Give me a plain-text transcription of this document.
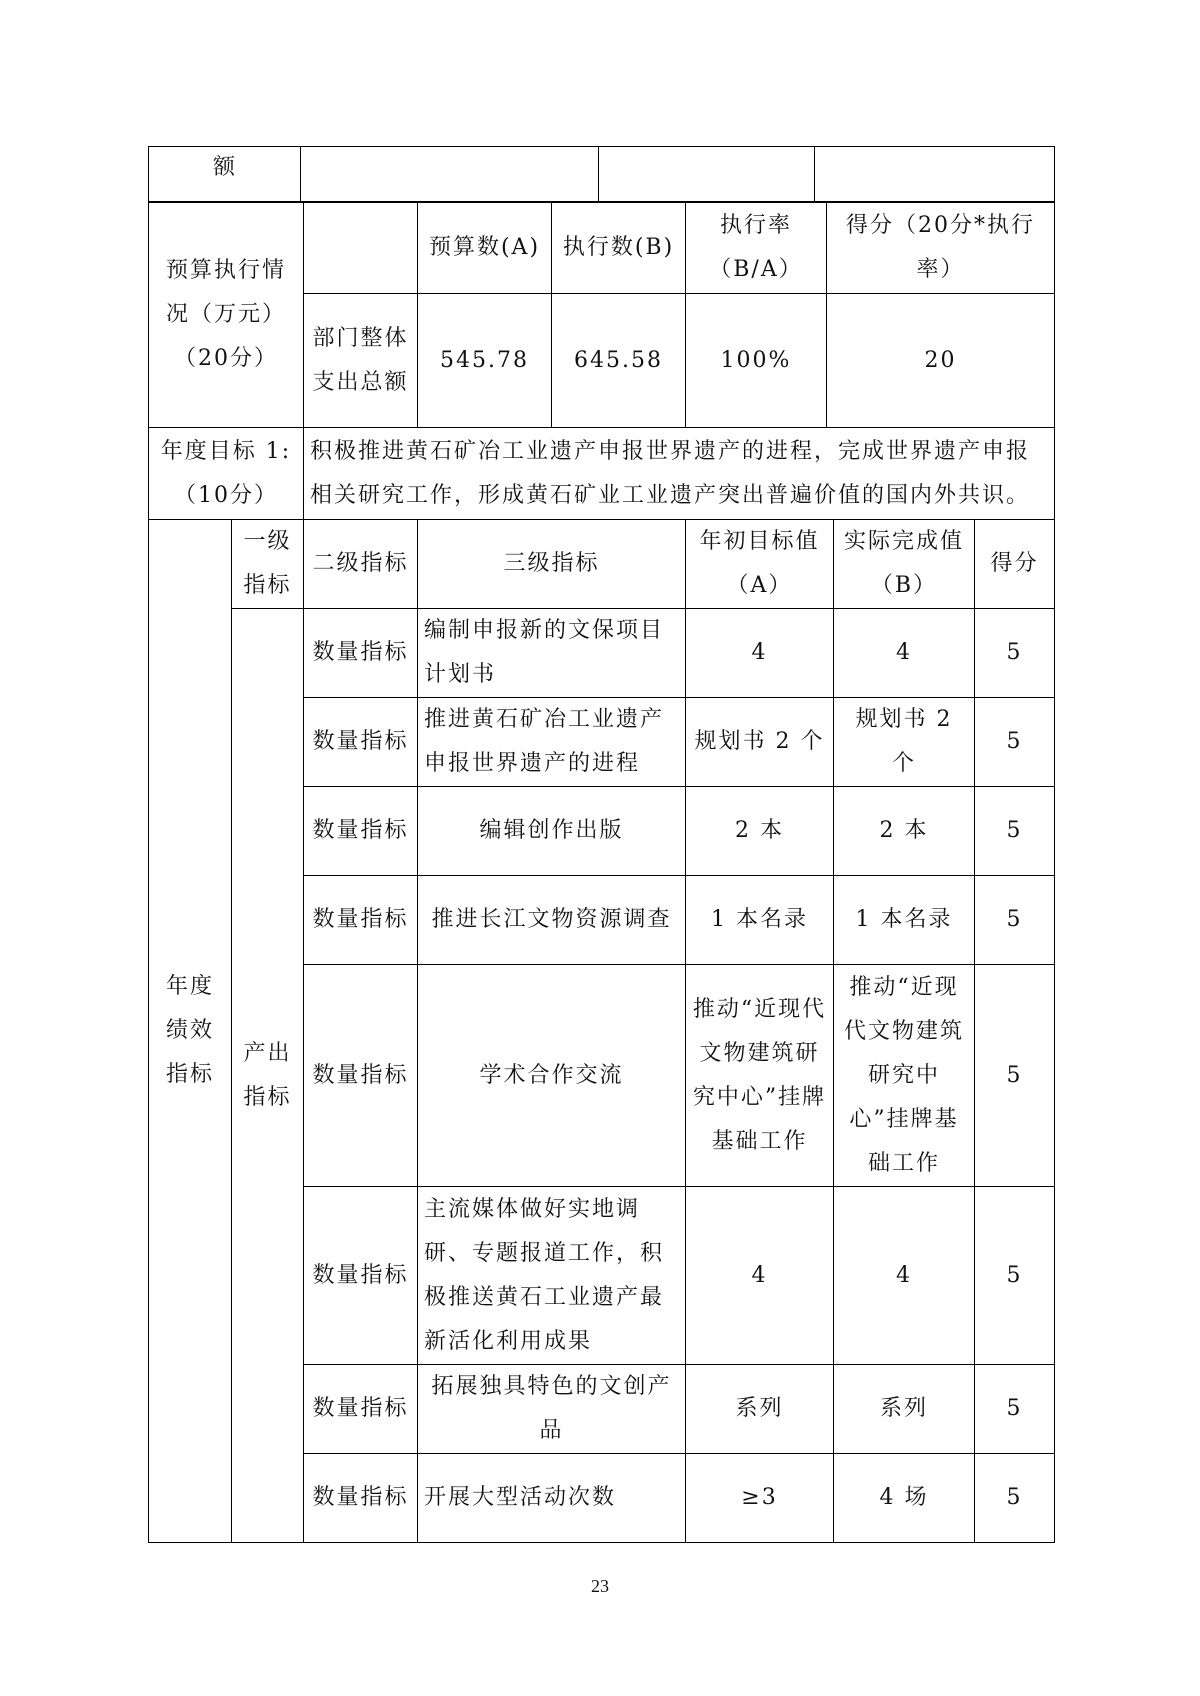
额			
预算执行情况（万元）（20分）		预算数(A)	执行数(B)	执行率（B/A）	得分（20分*执行率）
	部门整体支出总额	545.78	645.58	100%	20
年度目标 1:（10分）	积极推进黄石矿冶工业遗产申报世界遗产的进程，完成世界遗产申报相关研究工作，形成黄石矿业工业遗产突出普遍价值的国内外共识。				
年度绩效指标	一级指标	二级指标	三级指标	年初目标值（A）	实际完成值（B）	得分
	产出指标	数量指标	编制申报新的文保项目计划书	4	4	5
		数量指标	推进黄石矿冶工业遗产申报世界遗产的进程	规划书 2 个	规划书 2 个	5
		数量指标	编辑创作出版	2 本	2 本	5
		数量指标	推进长江文物资源调查	1 本名录	1 本名录	5
		数量指标	学术合作交流	推动“近现代文物建筑研究中心”挂牌基础工作	推动“近现代文物建筑研究中心”挂牌基础工作	5
		数量指标	主流媒体做好实地调研、专题报道工作，积极推送黄石工业遗产最新活化利用成果	4	4	5
		数量指标	拓展独具特色的文创产品	系列	系列	5
		数量指标	开展大型活动次数	≥3	4 场	5
23
